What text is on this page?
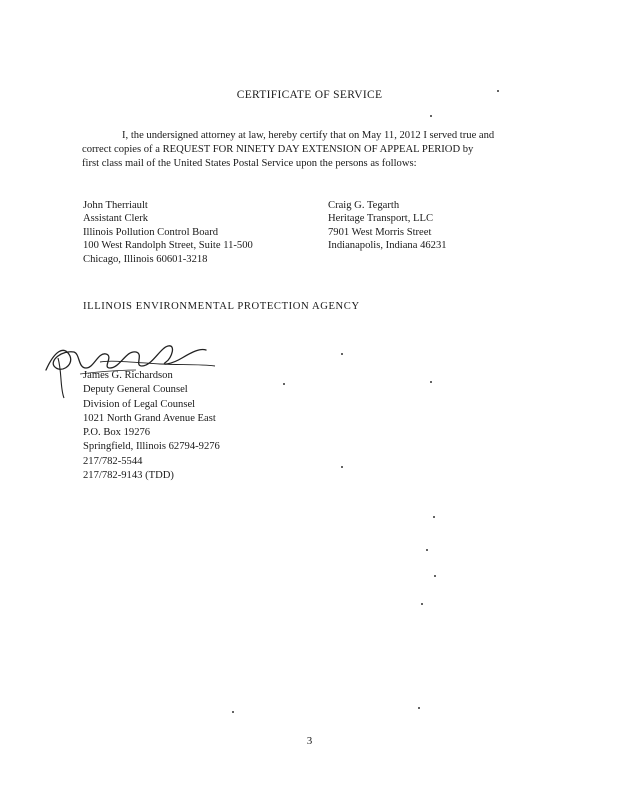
CERTIFICATE OF SERVICE
I, the undersigned attorney at law, hereby certify that on May 11, 2012 I served true and
correct copies of a REQUEST FOR NINETY DAY EXTENSION OF APPEAL PERIOD by
first class mail of the United States Postal Service upon the persons as follows:
John Therriault
Assistant Clerk
Illinois Pollution Control Board
100 West Randolph Street, Suite 11-500
Chicago, Illinois 60601-3218
Craig G. Tegarth
Heritage Transport, LLC
7901 West Morris Street
Indianapolis, Indiana 46231
ILLINOIS ENVIRONMENTAL PROTECTION AGENCY
James G. Richardson
Deputy General Counsel
Division of Legal Counsel
1021 North Grand Avenue East
P.O. Box 19276
Springfield, Illinois 62794-9276
217/782-5544
217/782-9143 (TDD)
3
